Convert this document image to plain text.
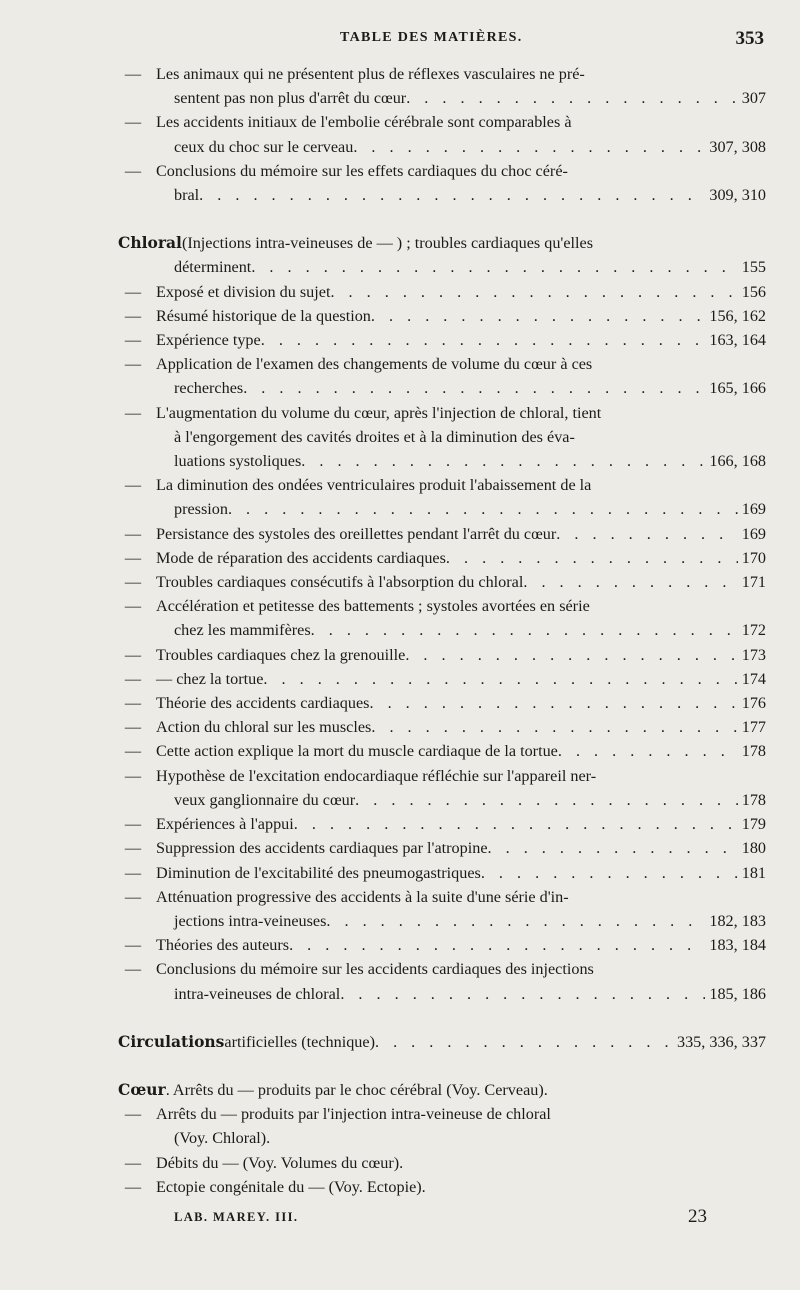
TABLE DES MATIÈRES.	353
— Les animaux qui ne présentent plus de réflexes vasculaires ne pré-
sentent pas non plus d'arrêt du cœur . . .	307
— Les accidents initiaux de l'embolie cérébrale sont comparables à
ceux du choc sur le cerveau . . .	307, 308
— Conclusions du mémoire sur les effets cardiaques du choc céré-
bral . . .	309, 310
Chloral (Injections intra-veineuses de — ) ; troubles cardiaques qu'elles
déterminent . . .	155
— Exposé et division du sujet . . .	156
— Résumé historique de la question . . .	156, 162
— Expérience type . . .	163, 164
— Application de l'examen des changements de volume du cœur à ces
recherches . . .	165, 166
— L'augmentation du volume du cœur, après l'injection de chloral, tient
à l'engorgement des cavités droites et à la diminution des éva-
luations systoliques . . .	166, 168
— La diminution des ondées ventriculaires produit l'abaissement de la
pression . . .	169
— Persistance des systoles des oreillettes pendant l'arrêt du cœur . . .	169
— Mode de réparation des accidents cardiaques . . .	170
— Troubles cardiaques consécutifs à l'absorption du chloral . . .	171
— Accélération et petitesse des battements ; systoles avortées en série
chez les mammifères . . .	172
— Troubles cardiaques chez la grenouille . . .	173
— — chez la tortue . . .	174
— Théorie des accidents cardiaques . . .	176
— Action du chloral sur les muscles . . .	177
— Cette action explique la mort du muscle cardiaque de la tortue . . .	178
— Hypothèse de l'excitation endocardiaque réfléchie sur l'appareil ner-
veux ganglionnaire du cœur . . .	178
— Expériences à l'appui . . .	179
— Suppression des accidents cardiaques par l'atropine . . .	180
— Diminution de l'excitabilité des pneumogastriques . . .	181
— Atténuation progressive des accidents à la suite d'une série d'in-
jections intra-veineuses . . .	182, 183
— Théories des auteurs . . .	183, 184
— Conclusions du mémoire sur les accidents cardiaques des injections
intra-veineuses de chloral . . .	185, 186
Circulations artificielles (technique) . . .	335, 336, 337
Cœur . Arrêts du — produits par le choc cérébral (Voy. Cerveau).
— Arrêts du — produits par l'injection intra-veineuse de chloral
(Voy. Chloral).
— Débits du — (Voy. Volumes du cœur).
— Ectopie congénitale du — (Voy. Ectopie).
LAB. MAREY. III.	23
